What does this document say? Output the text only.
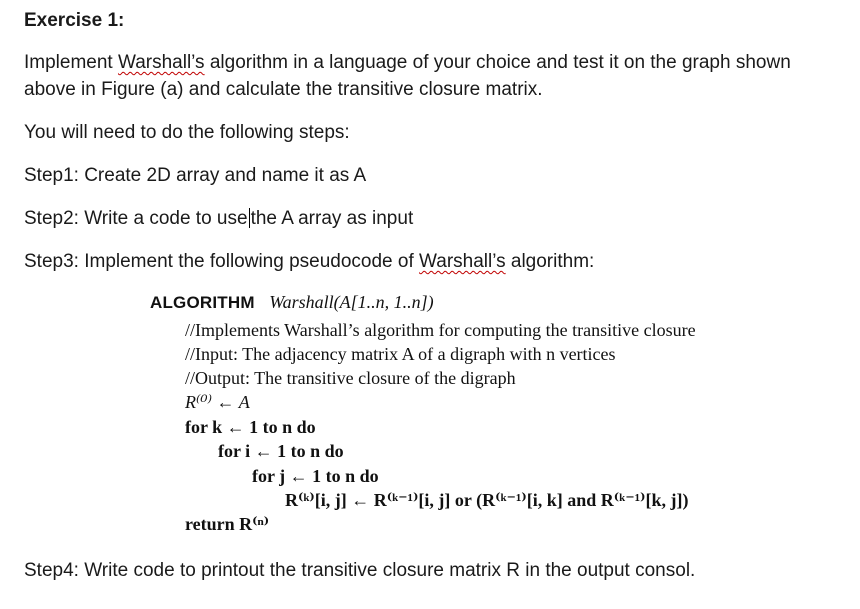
Exercise 1:
Implement Warshall’s algorithm in a language of your choice and test it on the graph shown
above in Figure (a) and calculate the transitive closure matrix.
You will need to do the following steps:
Step1: Create 2D array and name it as A
Step2: Write a code to use the A array as input
Step3: Implement the following pseudocode of Warshall’s algorithm:
ALGORITHM Warshall(A[1..n, 1..n])
//Implements Warshall’s algorithm for computing the transitive closure
//Input: The adjacency matrix A of a digraph with n vertices
//Output: The transitive closure of the digraph
R⁽⁰⁾ ← A
for k ← 1 to n do
for i ← 1 to n do
for j ← 1 to n do
R⁽ᵏ⁾[i, j] ← R⁽ᵏ⁻¹⁾[i, j] or (R⁽ᵏ⁻¹⁾[i, k] and R⁽ᵏ⁻¹⁾[k, j])
return R⁽ⁿ⁾
Step4: Write code to printout the transitive closure matrix R in the output consol.
